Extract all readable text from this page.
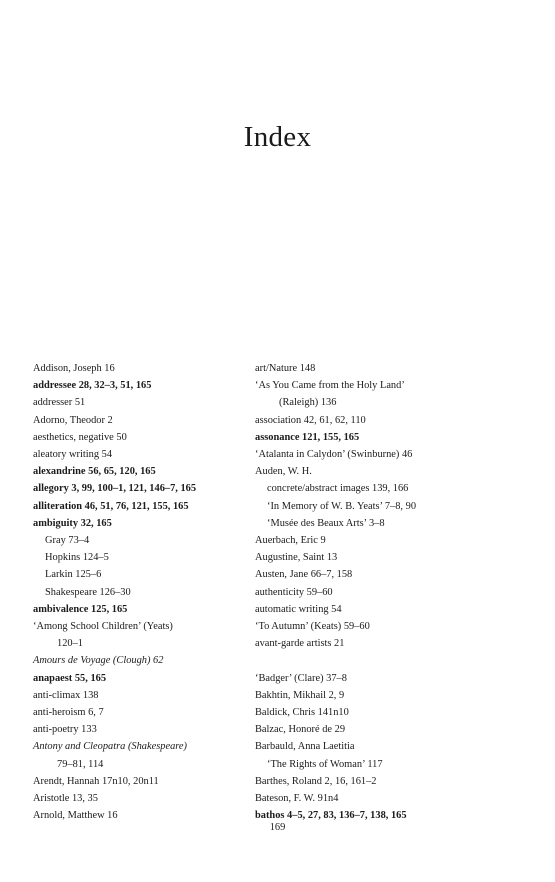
Index
Addison, Joseph 16
addressee 28, 32–3, 51, 165
addresser 51
Adorno, Theodor 2
aesthetics, negative 50
aleatory writing 54
alexandrine 56, 65, 120, 165
allegory 3, 99, 100–1, 121, 146–7, 165
alliteration 46, 51, 76, 121, 155, 165
ambiguity 32, 165
Gray 73–4
Hopkins 124–5
Larkin 125–6
Shakespeare 126–30
ambivalence 125, 165
‘Among School Children’ (Yeats)
120–1
Amours de Voyage (Clough) 62
anapaest 55, 165
anti-climax 138
anti-heroism 6, 7
anti-poetry 133
Antony and Cleopatra (Shakespeare)
79–81, 114
Arendt, Hannah 17n10, 20n11
Aristotle 13, 35
Arnold, Matthew 16
art/Nature 148
‘As You Came from the Holy Land’
(Raleigh) 136
association 42, 61, 62, 110
assonance 121, 155, 165
‘Atalanta in Calydon’ (Swinburne) 46
Auden, W. H.
concrete/abstract images 139, 166
‘In Memory of W. B. Yeats’ 7–8, 90
‘Musée des Beaux Arts’ 3–8
Auerbach, Eric 9
Augustine, Saint 13
Austen, Jane 66–7, 158
authenticity 59–60
automatic writing 54
‘To Autumn’ (Keats) 59–60
avant-garde artists 21
‘Badger’ (Clare) 37–8
Bakhtin, Mikhail 2, 9
Baldick, Chris 141n10
Balzac, Honoré de 29
Barbauld, Anna Laetitia
‘The Rights of Woman’ 117
Barthes, Roland 2, 16, 161–2
Bateson, F. W. 91n4
bathos 4–5, 27, 83, 136–7, 138, 165
169
